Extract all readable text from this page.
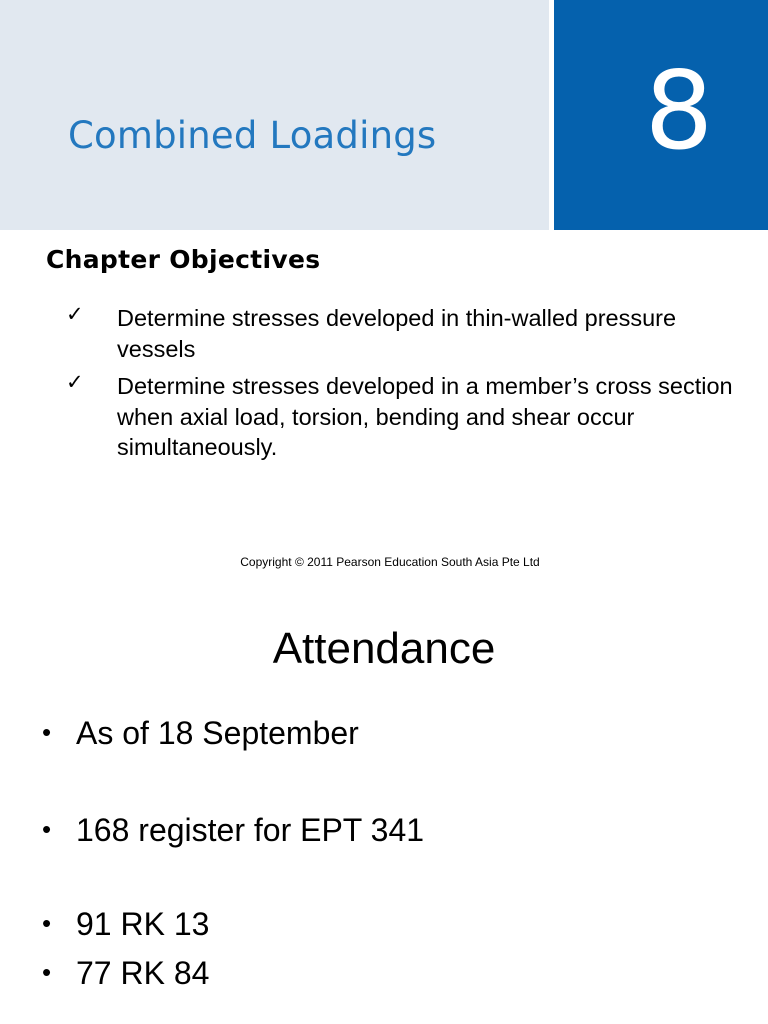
Combined Loadings	8
Chapter Objectives
✓ Determine stresses developed in thin-walled pressure vessels
✓ Determine stresses developed in a member’s cross section when axial load, torsion, bending and shear occur simultaneously.
Copyright © 2011 Pearson Education South Asia Pte Ltd
Attendance
• As of 18 September
• 168 register for EPT 341
• 91 RK 13
• 77 RK 84
